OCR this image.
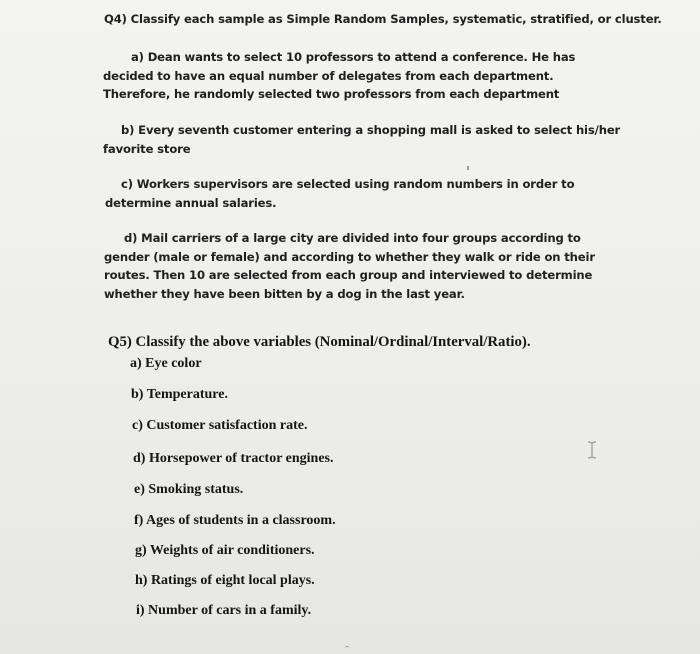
Q4) Classify each sample as Simple Random Samples, systematic, stratified, or cluster.

a) Dean wants to select 10 professors to attend a conference. He has decided to have an equal number of delegates from each department. Therefore, he randomly selected two professors from each department

b) Every seventh customer entering a shopping mall is asked to select his/her favorite store

c) Workers supervisors are selected using random numbers in order to determine annual salaries.

d) Mail carriers of a large city are divided into four groups according to gender (male or female) and according to whether they walk or ride on their routes. Then 10 are selected from each group and interviewed to determine whether they have been bitten by a dog in the last year.

Q5) Classify the above variables (Nominal/Ordinal/Interval/Ratio).

a) Eye color

b) Temperature.

c) Customer satisfaction rate.

d) Horsepower of tractor engines.

e) Smoking status.

f) Ages of students in a classroom.

g) Weights of air conditioners.

h) Ratings of eight local plays.

i) Number of cars in a family.
